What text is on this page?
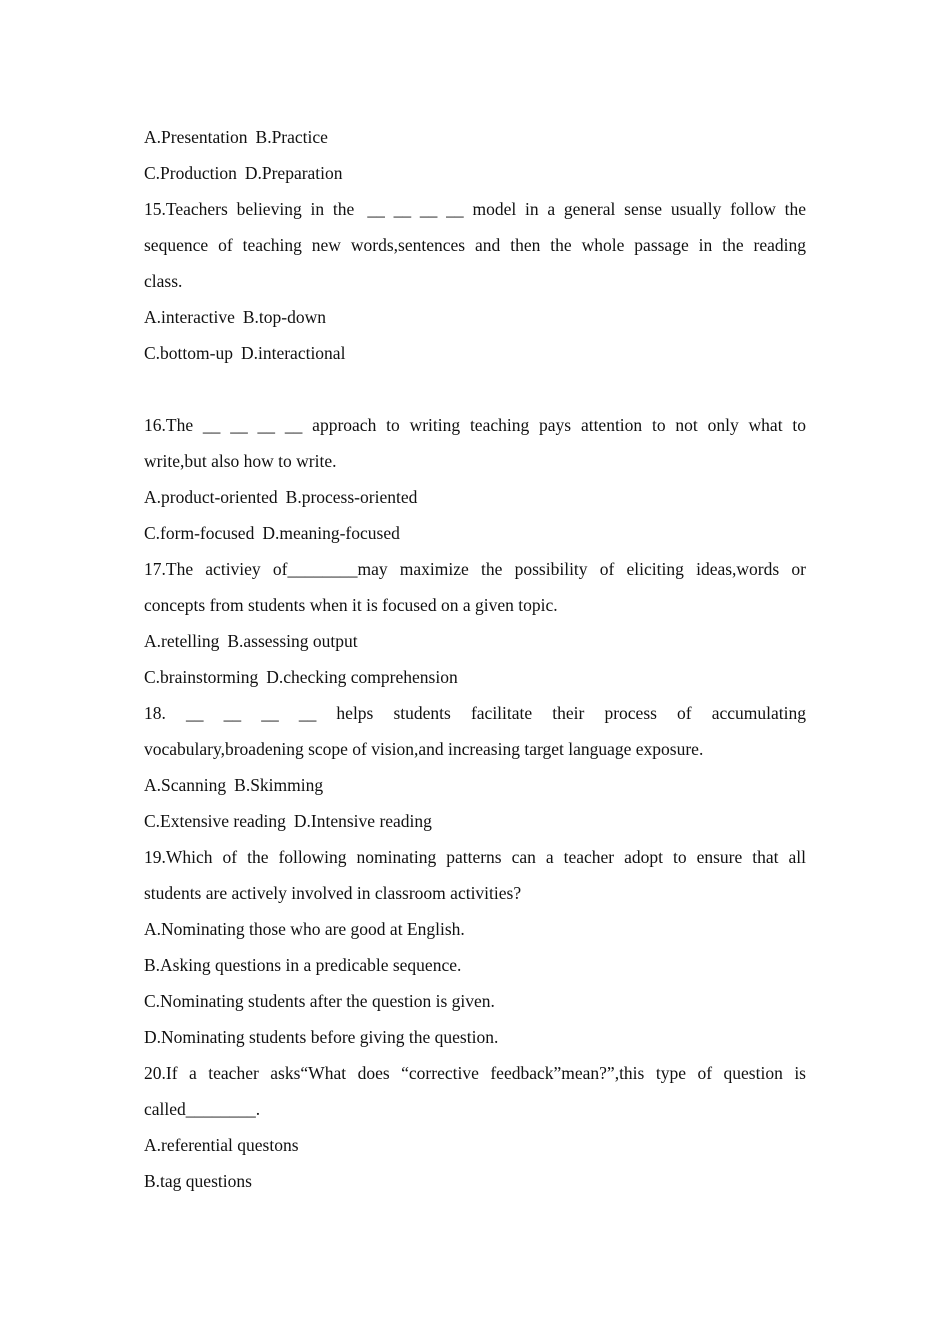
A.Presentation B.Practice
C.Production D.Preparation
15.Teachers believing in the  __ __ __ __ model in a general sense usually follow the
sequence of teaching new words,sentences and then the whole passage in the reading
class.
A.interactive B.top-down
C.bottom-up D.interactional
16.The __ __ __ __ approach to writing teaching pays attention to not only what to
write,but also how to write.
A.product-oriented B.process-oriented
C.form-focused D.meaning-focused
17.The activiey of________may maximize the possibility of eliciting ideas,words or
concepts from students when it is focused on a given topic.
A.retelling B.assessing output
C.brainstorming D.checking comprehension
18. __ __ __ __ helps students facilitate their process of accumulating
vocabulary,broadening scope of vision,and increasing target language exposure.
A.Scanning B.Skimming
C.Extensive reading D.Intensive reading
19.Which of the following nominating patterns can a teacher adopt to ensure that all
students are actively involved in classroom activities?
A.Nominating those who are good at English.
B.Asking questions in a predicable sequence.
C.Nominating students after the question is given.
D.Nominating students before giving the question.
20.If a teacher asks“What does “corrective feedback”mean?”,this type of question is
called________.
A.referential questons
B.tag questions
